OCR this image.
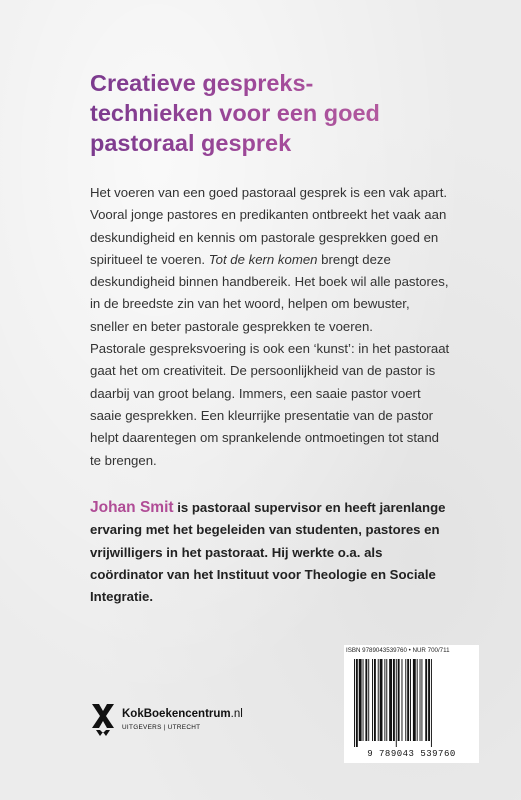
Creatieve gespreks-
technieken voor een goed
pastoraal gesprek

Het voeren van een goed pastoraal gesprek is een vak apart. Vooral jonge pastores en predikanten ontbreekt het vaak aan deskundigheid en kennis om pastorale gesprekken goed en spiritueel te voeren. Tot de kern komen brengt deze deskundigheid binnen handbereik. Het boek wil alle pastores, in de breedste zin van het woord, helpen om bewuster, sneller en beter pastorale gesprekken te voeren.

Pastorale gespreksvoering is ook een ‘kunst’: in het pastoraat gaat het om creativiteit. De persoonlijkheid van de pastor is daarbij van groot belang. Immers, een saaie pastor voert saaie gesprekken. Een kleurrijke presentatie van de pastor helpt daarentegen om sprankelende ontmoetingen tot stand te brengen.

Johan Smit is pastoraal supervisor en heeft jarenlange ervaring met het begeleiden van studenten, pastores en vrijwilligers in het pastoraat. Hij werkte o.a. als coördinator van het Instituut voor Theologie en Sociale Integratie.

ISBN 9789043539760 • NUR 700/711
9 789043 539760
KokBoekencentrum.nl
UITGEVERS | UTRECHT
